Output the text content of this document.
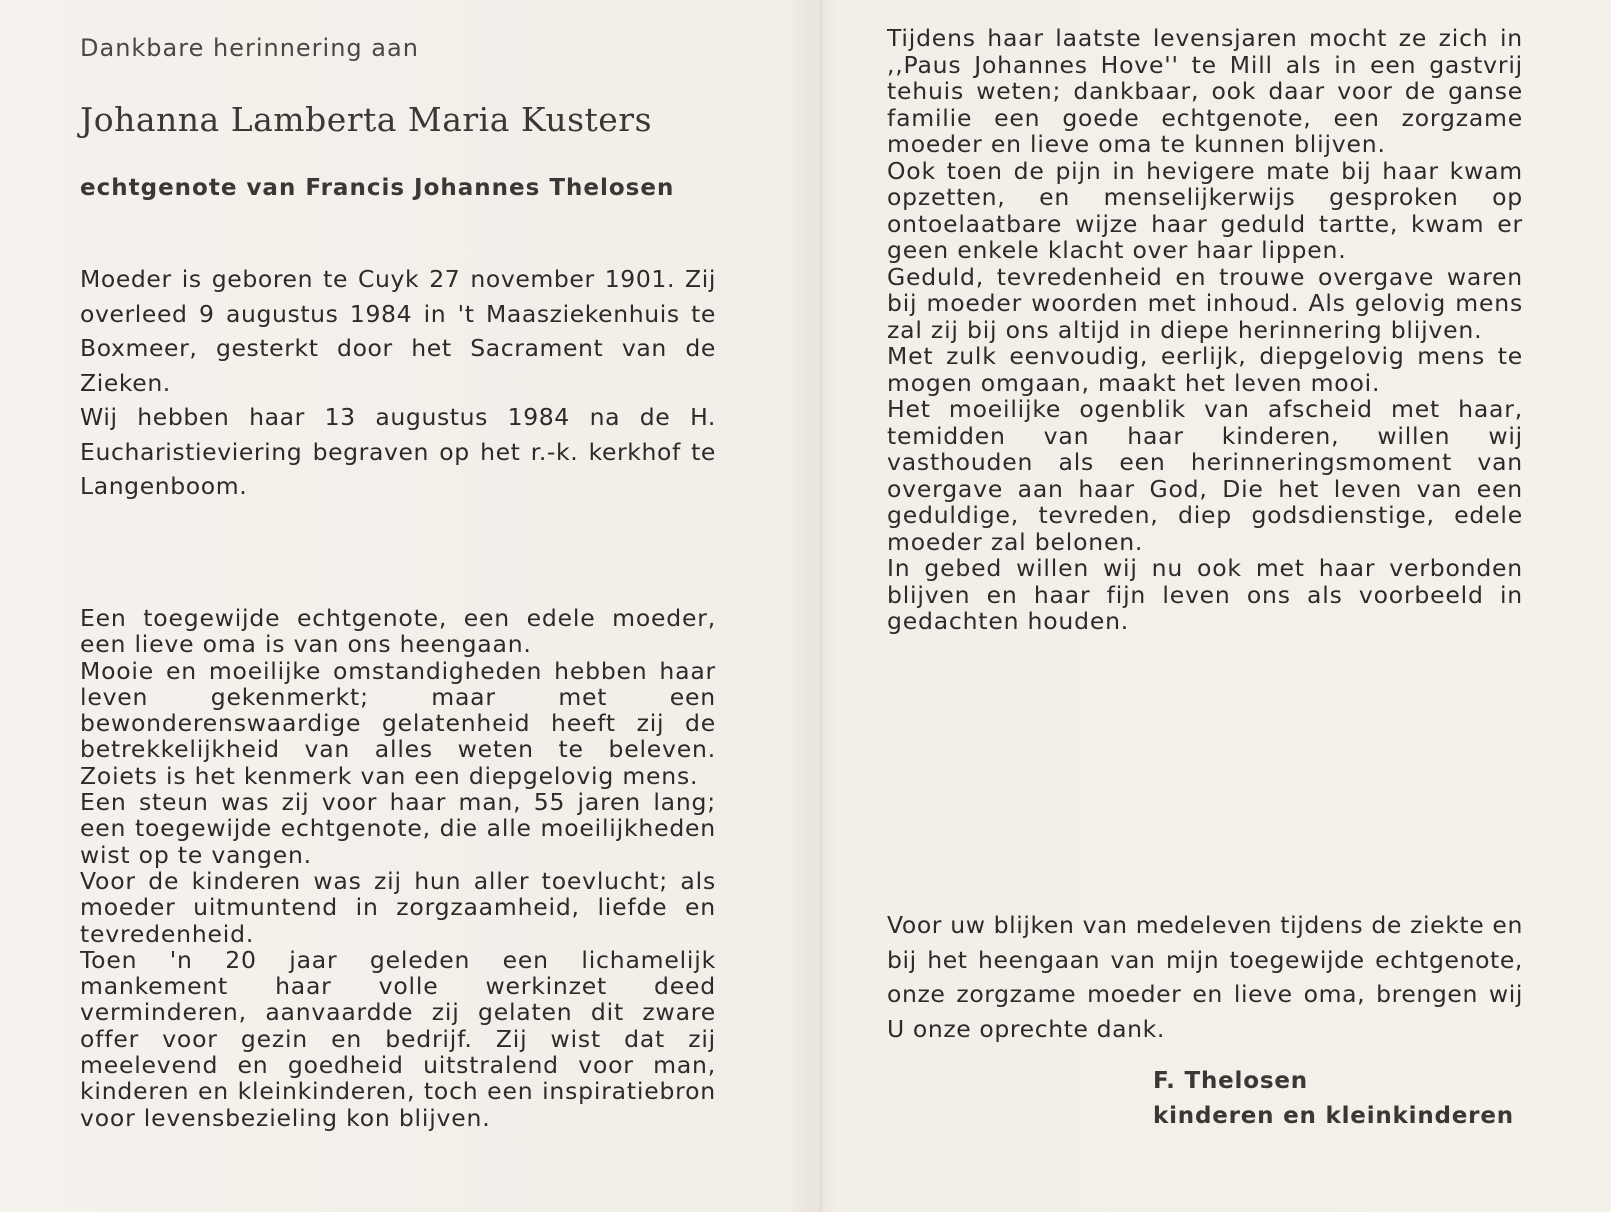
Dankbare herinnering aan
Johanna Lamberta Maria Kusters
echtgenote van Francis Johannes Thelosen

Moeder is geboren te Cuyk 27 november 1901. Zij overleed 9 augustus 1984 in 't Maasziekenhuis te Boxmeer, gesterkt door het Sacrament van de Zieken.

Wij hebben haar 13 augustus 1984 na de H. Eucharistieviering begraven op het r.-k. kerkhof te Langenboom.

Een toegewijde echtgenote, een edele moeder, een lieve oma is van ons heengaan.

Mooie en moeilijke omstandigheden hebben haar leven gekenmerkt; maar met een bewonderenswaardige gelatenheid heeft zij de betrekkelijkheid van alles weten te beleven. Zoiets is het kenmerk van een diepgelovig mens.

Een steun was zij voor haar man, 55 jaren lang; een toegewijde echtgenote, die alle moeilijkheden wist op te vangen.

Voor de kinderen was zij hun aller toevlucht; als moeder uitmuntend in zorgzaamheid, liefde en tevredenheid.

Toen 'n 20 jaar geleden een lichamelijk mankement haar volle werkinzet deed verminderen, aanvaardde zij gelaten dit zware offer voor gezin en bedrijf. Zij wist dat zij meelevend en goedheid uitstralend voor man, kinderen en kleinkinderen, toch een inspiratiebron voor levensbezieling kon blijven.

Tijdens haar laatste levensjaren mocht ze zich in ,,Paus Johannes Hove'' te Mill als in een gastvrij tehuis weten; dankbaar, ook daar voor de ganse familie een goede echtgenote, een zorgzame moeder en lieve oma te kunnen blijven.

Ook toen de pijn in hevigere mate bij haar kwam opzetten, en menselijkerwijs gesproken op ontoelaatbare wijze haar geduld tartte, kwam er geen enkele klacht over haar lippen.

Geduld, tevredenheid en trouwe overgave waren bij moeder woorden met inhoud. Als gelovig mens zal zij bij ons altijd in diepe herinnering blijven.

Met zulk eenvoudig, eerlijk, diepgelovig mens te mogen omgaan, maakt het leven mooi.

Het moeilijke ogenblik van afscheid met haar, temidden van haar kinderen, willen wij vasthouden als een herinneringsmoment van overgave aan haar God, Die het leven van een geduldige, tevreden, diep godsdienstige, edele moeder zal belonen.

In gebed willen wij nu ook met haar verbonden blijven en haar fijn leven ons als voorbeeld in gedachten houden.

Voor uw blijken van medeleven tijdens de ziekte en bij het heengaan van mijn toegewijde echtgenote, onze zorgzame moeder en lieve oma, brengen wij U onze oprechte dank.

F. Thelosen
kinderen en kleinkinderen
